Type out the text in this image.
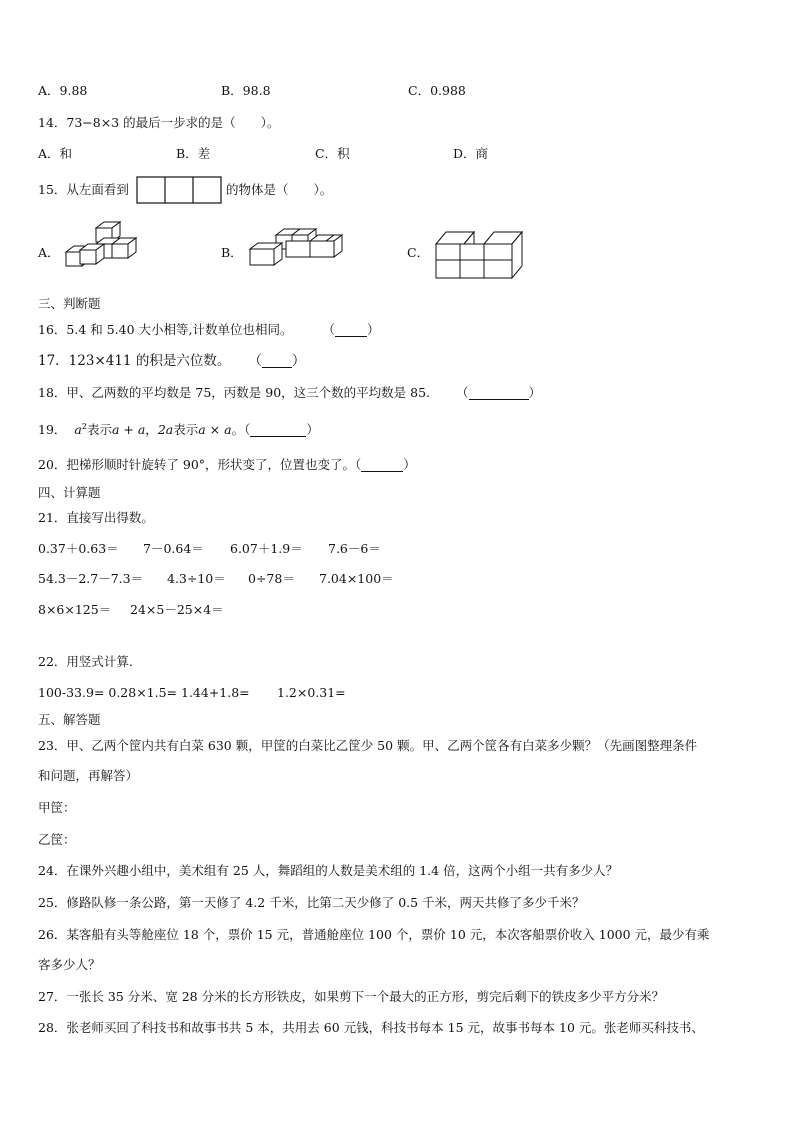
A．9.88	B．98.8	C．0.988
14．73−8×3 的最后一步求的是（　　）。
A．和	B．差	C．积	D．商
15．从左面看到	的物体是（　　）。
A．	B．	C．
三、判断题
16．5.4 和 5.40 大小相等,计数单位也相同。 （	）
17．123×411 的积是六位数。 （ ）
18．甲、乙两数的平均数是 75，丙数是 90，这三个数的平均数是 85. （	）
19． $a^2$表示a + a，2a表示a × a。（	）
20．把梯形顺时针旋转了 90°，形状变了，位置也变了。（	）
四、计算题
21．直接写出得数。
0.37＋0.63＝ 7－0.64＝ 6.07＋1.9＝ 7.6－6＝
54.3－2.7－7.3＝ 4.3÷10＝ 0÷78＝ 7.04×100＝
8×6×125＝ 24×5－25×4＝
22．用竖式计算.
100-33.9= 0.28×1.5= 1.44+1.8= 1.2×0.31=
五、解答题
23．甲、乙两个筐内共有白菜 630 颗，甲筐的白菜比乙筐少 50 颗。甲、乙两个筐各有白菜多少颗？（先画图整理条件
和问题，再解答）
甲筐：
乙筐：
24．在课外兴趣小组中，美术组有 25 人，舞蹈组的人数是美术组的 1.4 倍，这两个小组一共有多少人？
25．修路队修一条公路，第一天修了 4.2 千米，比第二天少修了 0.5 千米，两天共修了多少千米？
26．某客船有头等舱座位 18 个，票价 15 元，普通舱座位 100 个，票价 10 元，本次客船票价收入 1000 元，最少有乘
客多少人？
27．一张长 35 分米、宽 28 分米的长方形铁皮，如果剪下一个最大的正方形，剪完后剩下的铁皮多少平方分米？
28．张老师买回了科技书和故事书共 5 本，共用去 60 元钱，科技书每本 15 元，故事书每本 10 元。张老师买科技书、
